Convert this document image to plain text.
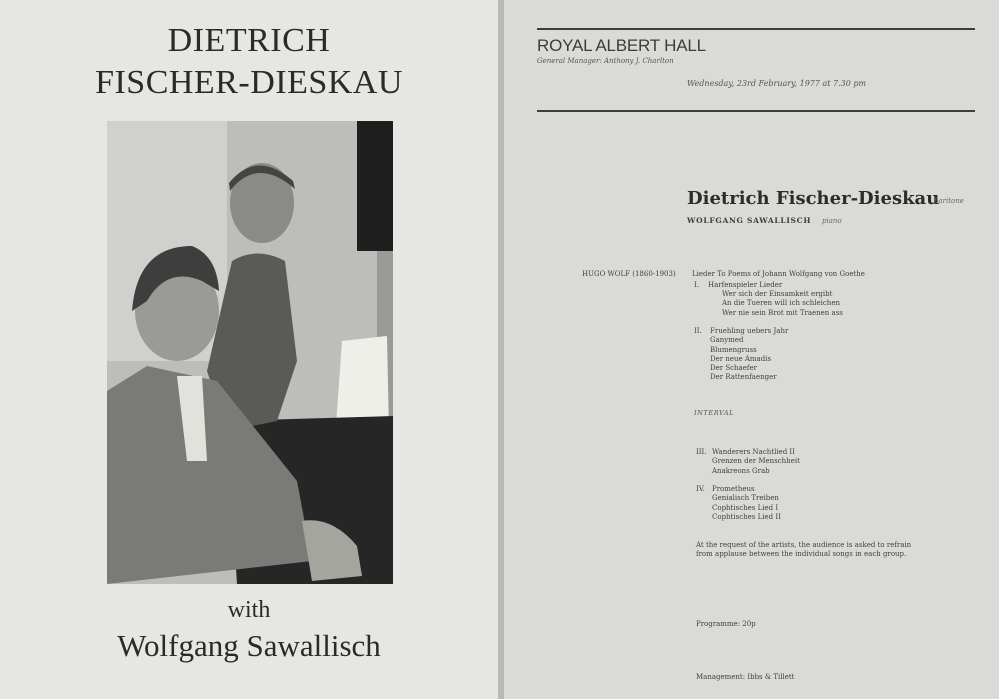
DIETRICH
FISCHER-DIESKAU
with
Wolfgang Sawallisch
ROYAL ALBERT HALL
General Manager: Anthony J. Charlton
Wednesday, 23rd February, 1977 at 7.30 pm
Dietrich Fischer-Dieskau
baritone
WOLFGANG SAWALLISCH piano
HUGO WOLF (1860-1903) Lieder To Poems of Johann Wolfgang von Goethe
I. Harfenspieler Lieder
Wer sich der Einsamkeit ergibt
An die Tueren will ich schleichen
Wer nie sein Brot mit Traenen ass
II. Fruehling uebers Jahr
Ganymed
Blumengruss
Der neue Amadis
Der Schaefer
Der Rattenfaenger
INTERVAL
III. Wanderers Nachtlied II
Grenzen der Menschheit
Anakreons Grab
IV. Prometheus
Genialisch Treiben
Cophtisches Lied I
Cophtisches Lied II
At the request of the artists, the audience is asked to refrain from applause between the individual songs in each group.
Programme: 20p
Management: Ibbs & Tillett
